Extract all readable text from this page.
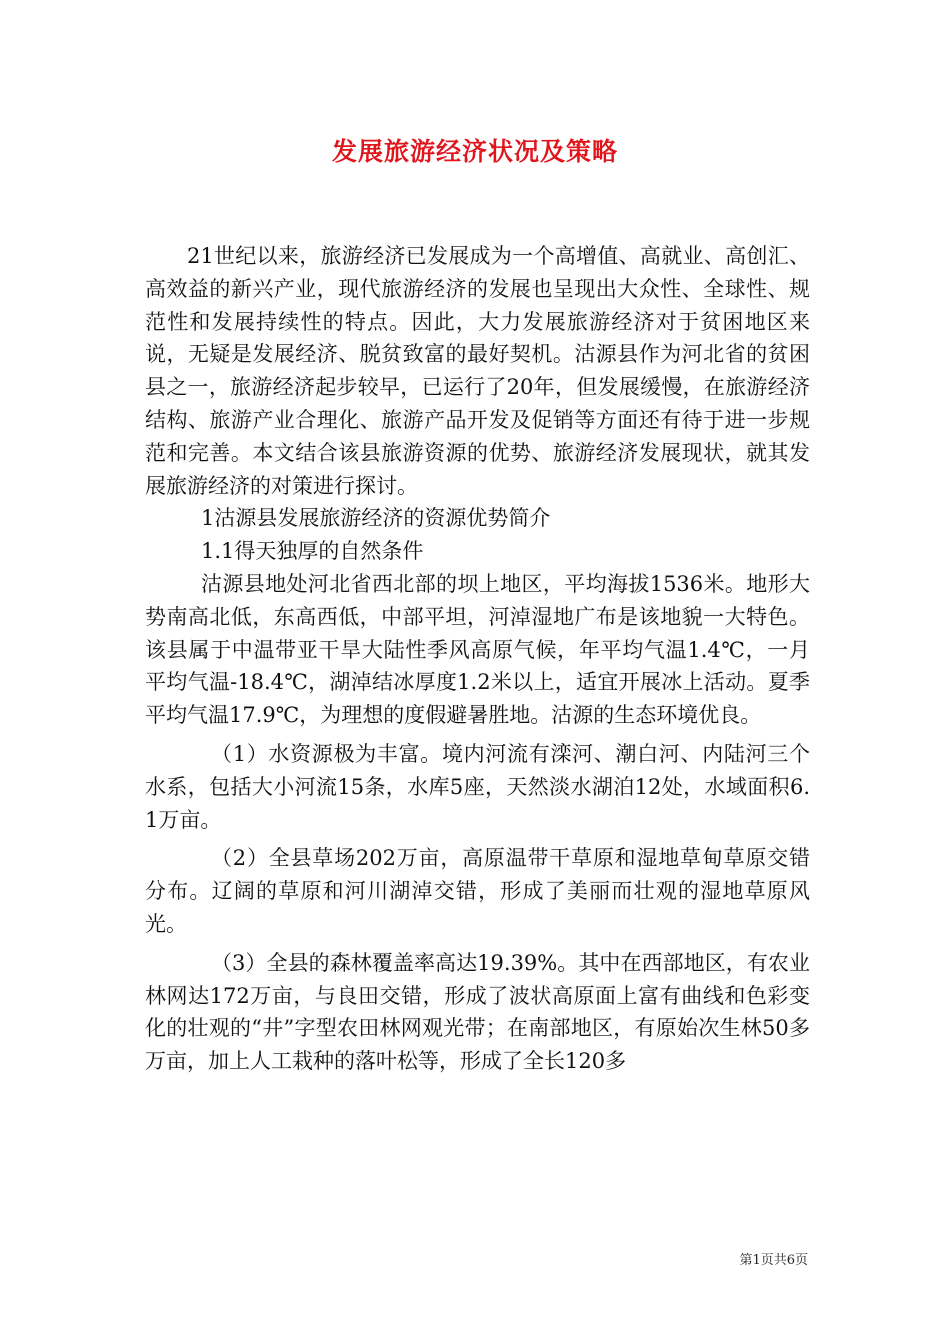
发展旅游经济状况及策略

21世纪以来，旅游经济已发展成为一个高增值、高就业、高创汇、高效益的新兴产业，现代旅游经济的发展也呈现出大众性、全球性、规范性和发展持续性的特点。因此，大力发展旅游经济对于贫困地区来说，无疑是发展经济、脱贫致富的最好契机。沽源县作为河北省的贫困县之一，旅游经济起步较早，已运行了20年，但发展缓慢，在旅游经济结构、旅游产业合理化、旅游产品开发及促销等方面还有待于进一步规范和完善。本文结合该县旅游资源的优势、旅游经济发展现状，就其发展旅游经济的对策进行探讨。

1沽源县发展旅游经济的资源优势简介

1.1得天独厚的自然条件

沽源县地处河北省西北部的坝上地区，平均海拔1536米。地形大势南高北低，东高西低，中部平坦，河淖湿地广布是该地貌一大特色。该县属于中温带亚干旱大陆性季风高原气候，年平均气温1.4℃，一月平均气温-18.4℃，湖淖结冰厚度1.2米以上，适宜开展冰上活动。夏季平均气温17.9℃，为理想的度假避暑胜地。沽源的生态环境优良。

（1）水资源极为丰富。境内河流有滦河、潮白河、内陆河三个水系，包括大小河流15条，水库5座，天然淡水湖泊12处，水域面积6.1万亩。

（2）全县草场202万亩，高原温带干草原和湿地草甸草原交错分布。辽阔的草原和河川湖淖交错，形成了美丽而壮观的湿地草原风光。

（3）全县的森林覆盖率高达19.39%。其中在西部地区，有农业林网达172万亩，与良田交错，形成了波状高原面上富有曲线和色彩变化的壮观的“井”字型农田林网观光带；在南部地区，有原始次生林50多万亩，加上人工栽种的落叶松等，形成了全长120多

第1页共6页
